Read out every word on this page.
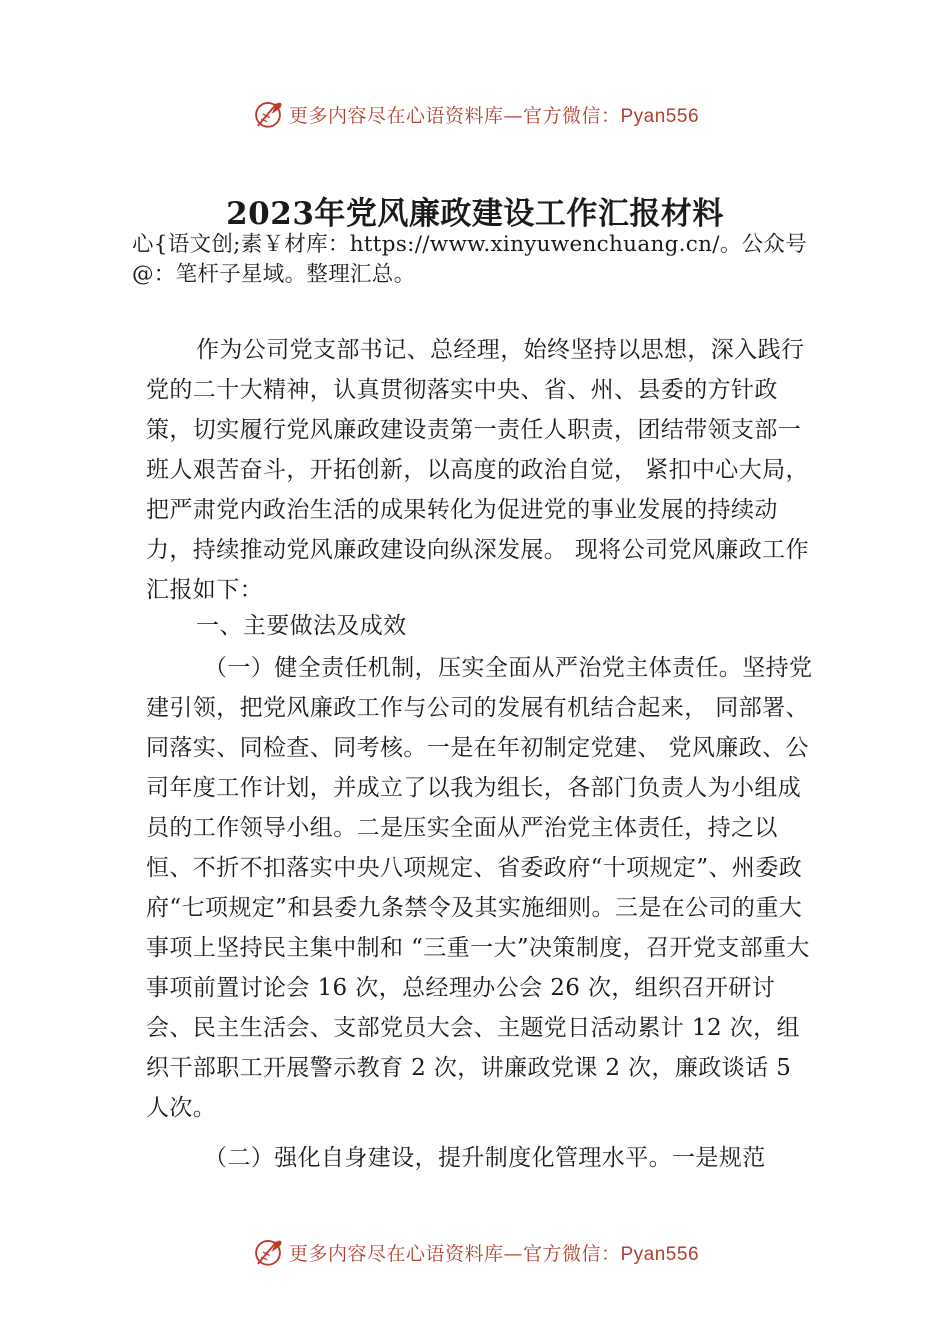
更多内容尽在心语资料库—官方微信：Pyan556
2023年党风廉政建设工作汇报材料
心{语文创;素￥材库：https://www.xinyuwenchuang.cn/。公众号@：笔杆子星域。整理汇总。

作为公司党支部书记、总经理，始终坚持以思想，深入践行党的二十大精神，认真贯彻落实中央、省、州、县委的方针政策，切实履行党风廉政建设责第一责任人职责，团结带领支部一班人艰苦奋斗，开拓创新，以高度的政治自觉， 紧扣中心大局，把严肃党内政治生活的成果转化为促进党的事业发展的持续动力，持续推动党风廉政建设向纵深发展。 现将公司党风廉政工作汇报如下：

一、主要做法及成效

（一）健全责任机制，压实全面从严治党主体责任。坚持党建引领，把党风廉政工作与公司的发展有机结合起来， 同部署、同落实、同检查、同考核。一是在年初制定党建、 党风廉政、公司年度工作计划，并成立了以我为组长，各部门负责人为小组成员的工作领导小组。二是压实全面从严治党主体责任，持之以恒、不折不扣落实中央八项规定、省委政府“十项规定”、州委政府“七项规定”和县委九条禁令及其实施细则。三是在公司的重大事项上坚持民主集中制和 “三重一大”决策制度，召开党支部重大事项前置讨论会 16 次，总经理办公会 26 次，组织召开研讨会、民主生活会、支部党员大会、主题党日活动累计 12 次，组织干部职工开展警示教育 2 次，讲廉政党课 2 次，廉政谈话 5 人次。

（二）强化自身建设，提升制度化管理水平。一是规范

更多内容尽在心语资料库—官方微信：Pyan556
